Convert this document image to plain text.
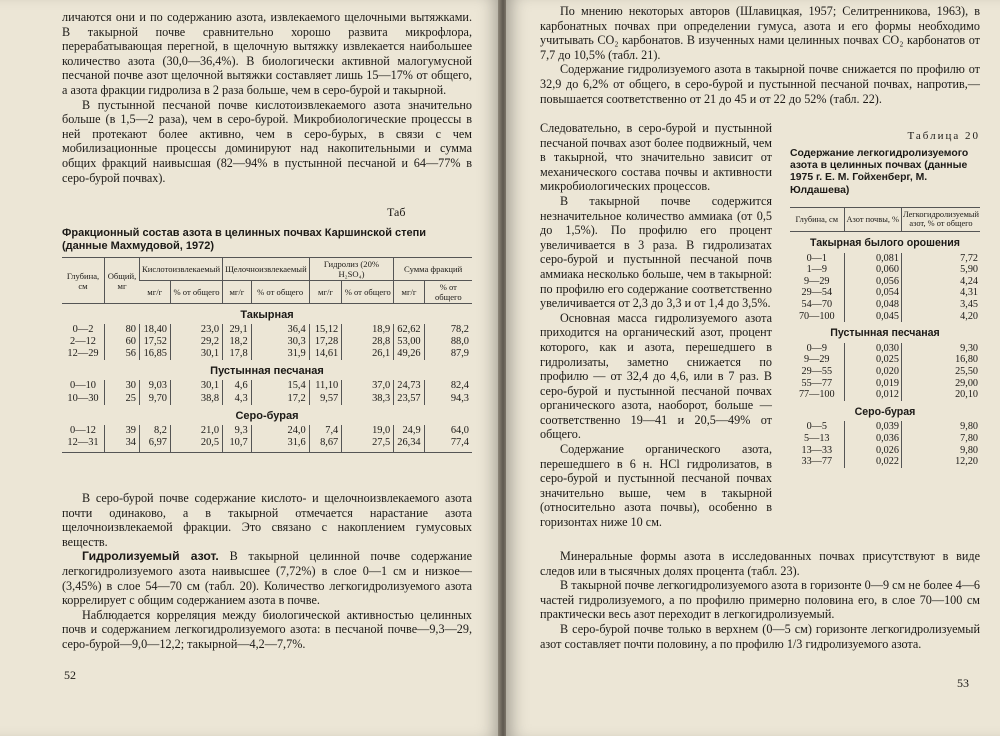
личаются они и по содержанию азота, извлекаемого щелочными вытяжками. В такырной почве сравнительно хорошо развита микрофлора, перерабатывающая перегной, в щелочную вытяжку извлекается наибольшее количество азота (30,0—36,4%). В биологически активной малогумусной песчаной почве азот щелочной вытяжки составляет лишь 15—17% от общего, а азота фракции гидролиза в 2 раза больше, чем в серо-бурой и такырной.

В пустынной песчаной почве кислотоизвлекаемого азота значительно больше (в 1,5—2 раза), чем в серо-бурой. Микробиологические процессы в ней протекают более активно, чем в серо-бурых, в связи с чем мобилизационные процессы доминируют над накопительными и сумма общих фракций наивысшая (82—94% в пустынной песчаной и 64—77% в серо-бурой почвах).

Таб
Фракционный состав азота в целинных почвах Каршинской степи (данные Махмудовой, 1972)
Глубина, см	Общий, мг	Кислотоизвлекаемый		Щелочноизвлекаемый		Гидролиз (20% H₂SO₄)		Сумма фракций	
		мг/г	% от общего	мг/г	% от общего	мг/г	% от общего	мг/г	% от общего
Такырная									
0—2	80	18,40	23,0	29,1	36,4	15,12	18,9	62,62	78,2
2—12	60	17,52	29,2	18,2	30,3	17,28	28,8	53,00	88,0
12—29	56	16,85	30,1	17,8	31,9	14,61	26,1	49,26	87,9
Пустынная песчаная									
0—10	30	9,03	30,1	4,6	15,4	11,10	37,0	24,73	82,4
10—30	25	9,70	38,8	4,3	17,2	9,57	38,3	23,57	94,3
Серо-бурая									
0—12	39	8,2	21,0	9,3	24,0	7,4	19,0	24,9	64,0
12—31	34	6,97	20,5	10,7	31,6	8,67	27,5	26,34	77,4

В серо-бурой почве содержание кислото- и щелочноизвлекаемого азота почти одинаково, а в такырной отмечается нарастание азота щелочноизвлекаемой фракции. Это связано с накоплением гумусовых веществ.

Гидролизуемый азот. В такырной целинной почве содержание легкогидролизуемого азота наивысшее (7,72%) в слое 0—1 см и низкое—(3,45%) в слое 54—70 см (табл. 20). Количество легкогидролизуемого азота коррелирует с общим содержанием азота в почве.

Наблюдается корреляция между биологической активностью целинных почв и содержанием легкогидролизуемого азота: в песчаной почве—9,3—29, серо-бурой—9,0—12,2; такырной—4,2—7,7%.

52

По мнению некоторых авторов (Шлавицкая, 1957; Селитренникова, 1963), в карбонатных почвах при определении гумуса, азота и его формы необходимо учитывать CO₂ карбонатов. В изученных нами целинных почвах CO₂ карбонатов от 7,7 до 10,5% (табл. 21).

Содержание гидролизуемого азота в такырной почве снижается по профилю от 32,9 до 6,2% от общего, в серо-бурой и пустынной песчаной почвах, напротив,— повышается соответственно от 21 до 45 и от 22 до 52% (табл. 22).

Следовательно, в серо-бурой и пустынной песчаной почвах азот более подвижный, чем в такырной, что значительно зависит от механического состава почвы и активности микробиологических процессов.

В такырной почве содержится незначительное количество аммиака (от 0,5 до 1,5%). По профилю его процент увеличивается в 3 раза. В гидролизатах серо-бурой и пустынной песчаной почв аммиака несколько больше, чем в такырной: по профилю его содержание соответственно увеличивается от 2,3 до 3,3 и от 1,4 до 3,5%.

Основная масса гидролизуемого азота приходится на органический азот, процент которого, как и азота, перешедшего в гидролизаты, заметно снижается по профилю — от 32,4 до 4,6, или в 7 раз. В серо-бурой и пустынной песчаной почвах органического азота, наоборот, больше — соответственно 19—41 и 20,5—49% от общего.

Содержание органического азота, перешедшего в 6 н. HCl гидролизатов, в серо-бурой и пустынной песчаной почвах значительно выше, чем в такырной (относительно азота почвы), особенно в горизонтах ниже 10 см.

Таблица 20
Содержание легкогидролизуемого азота в целинных почвах (данные 1975 г. Е. М. Гойхенберг, М. Юлдашева)
Глубина, см	Азот почвы, %	Легкогидролизуемый азот, % от общего
Такырная былого орошения		
0—1	0,081	7,72
1—9	0,060	5,90
9—29	0,056	4,24
29—54	0,054	4,31
54—70	0,048	3,45
70—100	0,045	4,20
Пустынная песчаная		
0—9	0,030	9,30
9—29	0,025	16,80
29—55	0,020	25,50
55—77	0,019	29,00
77—100	0,012	20,10
Серо-бурая		
0—5	0,039	9,80
5—13	0,036	7,80
13—33	0,026	9,80
33—77	0,022	12,20

Минеральные формы азота в исследованных почвах присутствуют в виде следов или в тысячных долях процента (табл. 23).

В такырной почве легкогидролизуемого азота в горизонте 0—9 см не более 4—6 частей гидролизуемого, а по профилю примерно половина его, в слое 70—100 см практически весь азот переходит в легкогидролизуемый.

В серо-бурой почве только в верхнем (0—5 см) горизонте легкогидролизуемый азот составляет почти половину, а по профилю 1/3 гидролизуемого азота.

53
